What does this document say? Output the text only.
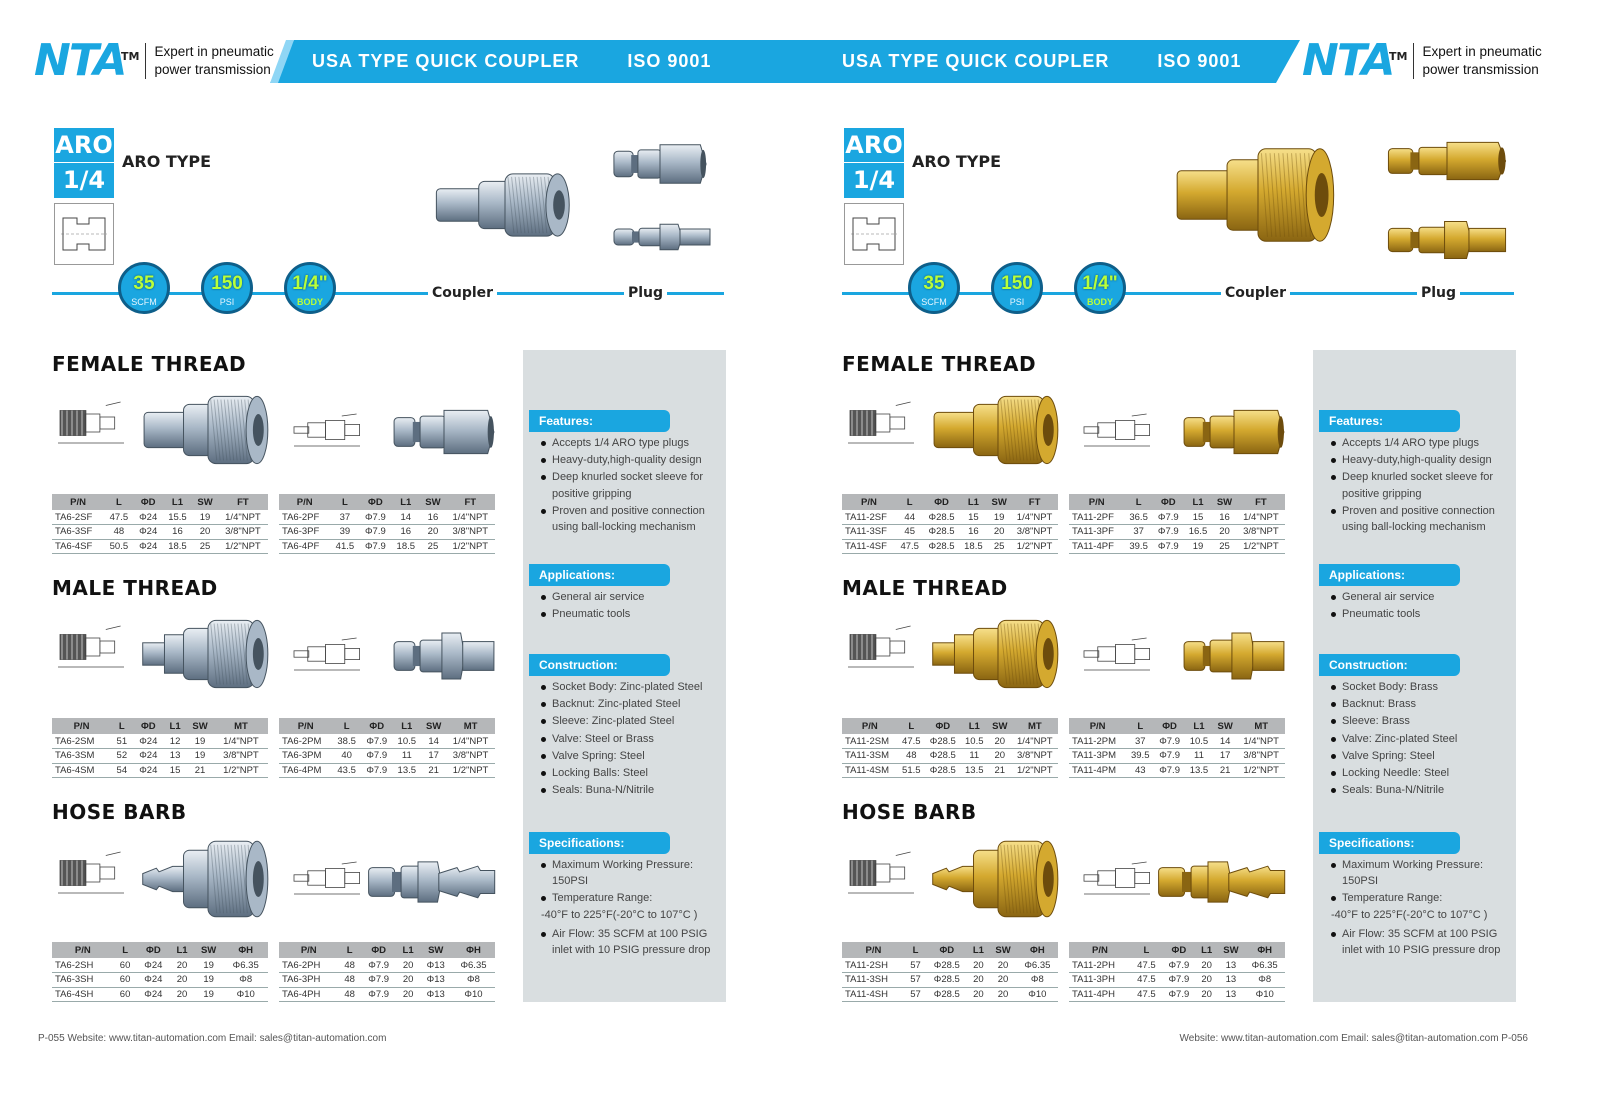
NTA
TM Expert in pneumatic
power transmission USA TYPE QUICK COUPLER	ISO 9001	USA TYPE QUICK COUPLER	ISO 9001 NTA
TM Expert in pneumatic
power transmission
ARO
1/4
ARO TYPE
35
SCFM
150
PSI
1/4"
BODY
Coupler	Plug
FEMALE THREAD
MALE THREAD
HOSE BARB
P/N	L	ΦD	L1	SW	FT
TA6-2SF	47.5	Φ24	15.5	19	1/4"NPT
TA6-3SF	48	Φ24	16	20	3/8"NPT
TA6-4SF	50.5	Φ24	18.5	25	1/2"NPT
P/N	L	ΦD	L1	SW	FT
TA6-2PF	37	Φ7.9	14	16	1/4"NPT
TA6-3PF	39	Φ7.9	16	20	3/8"NPT
TA6-4PF	41.5	Φ7.9	18.5	25	1/2"NPT
P/N	L	ΦD	L1	SW	MT
TA6-2SM	51	Φ24	12	19	1/4"NPT
TA6-3SM	52	Φ24	13	19	3/8"NPT
TA6-4SM	54	Φ24	15	21	1/2"NPT
P/N	L	ΦD	L1	SW	MT
TA6-2PM	38.5	Φ7.9	10.5	14	1/4"NPT
TA6-3PM	40	Φ7.9	11	17	3/8"NPT
TA6-4PM	43.5	Φ7.9	13.5	21	1/2"NPT
P/N	L	ΦD	L1	SW	ΦH
TA6-2SH	60	Φ24	20	19	Φ6.35
TA6-3SH	60	Φ24	20	19	Φ8
TA6-4SH	60	Φ24	20	19	Φ10
P/N	L	ΦD	L1	SW	ΦH
TA6-2PH	48	Φ7.9	20	Φ13	Φ6.35
TA6-3PH	48	Φ7.9	20	Φ13	Φ8
TA6-4PH	48	Φ7.9	20	Φ13	Φ10
Features:
Accepts 1/4 ARO type plugs
Heavy-duty,high-quality design
Deep knurled socket sleeve for
positive gripping
Proven and positive connection
using ball-locking mechanism
Applications:
General air service
Pneumatic tools
Construction:
Socket Body: Zinc-plated Steel
Backnut: Zinc-plated Steel
Sleeve: Zinc-plated Steel
Valve: Steel or Brass
Valve Spring: Steel
Locking Balls: Steel
Seals: Buna-N/Nitrile
Specifications:
Maximum Working Pressure: 150PSI
Temperature Range:
-40°F to 225°F(-20°C to 107°C )
Air Flow: 35 SCFM at 100 PSIG
inlet with 10 PSIG pressure drop
P-055 Website: www.titan-automation.com Email: sales@titan-automation.com
ARO
1/4
ARO TYPE
35
SCFM
150
PSI
1/4"
BODY
Coupler	Plug
FEMALE THREAD
MALE THREAD
HOSE BARB
P/N	L	ΦD	L1	SW	FT
TA11-2SF	44	Φ28.5	15	19	1/4"NPT
TA11-3SF	45	Φ28.5	16	20	3/8"NPT
TA11-4SF	47.5	Φ28.5	18.5	25	1/2"NPT
P/N	L	ΦD	L1	SW	FT
TA11-2PF	36.5	Φ7.9	15	16	1/4"NPT
TA11-3PF	37	Φ7.9	16.5	20	3/8"NPT
TA11-4PF	39.5	Φ7.9	19	25	1/2"NPT
P/N	L	ΦD	L1	SW	MT
TA11-2SM	47.5	Φ28.5	10.5	20	1/4"NPT
TA11-3SM	48	Φ28.5	11	20	3/8"NPT
TA11-4SM	51.5	Φ28.5	13.5	21	1/2"NPT
P/N	L	ΦD	L1	SW	MT
TA11-2PM	37	Φ7.9	10.5	14	1/4"NPT
TA11-3PM	39.5	Φ7.9	11	17	3/8"NPT
TA11-4PM	43	Φ7.9	13.5	21	1/2"NPT
P/N	L	ΦD	L1	SW	ΦH
TA11-2SH	57	Φ28.5	20	20	Φ6.35
TA11-3SH	57	Φ28.5	20	20	Φ8
TA11-4SH	57	Φ28.5	20	20	Φ10
P/N	L	ΦD	L1	SW	ΦH
TA11-2PH	47.5	Φ7.9	20	13	Φ6.35
TA11-3PH	47.5	Φ7.9	20	13	Φ8
TA11-4PH	47.5	Φ7.9	20	13	Φ10
Features:
Accepts 1/4 ARO type plugs
Heavy-duty,high-quality design
Deep knurled socket sleeve for
positive gripping
Proven and positive connection
using ball-locking mechanism
Applications:
General air service
Pneumatic tools
Construction:
Socket Body: Brass
Backnut: Brass
Sleeve: Brass
Valve: Zinc-plated Steel
Valve Spring: Steel
Locking Needle: Steel
Seals: Buna-N/Nitrile
Specifications:
Maximum Working Pressure: 150PSI
Temperature Range:
-40°F to 225°F(-20°C to 107°C )
Air Flow: 35 SCFM at 100 PSIG
inlet with 10 PSIG pressure drop
Website: www.titan-automation.com Email: sales@titan-automation.com P-056
